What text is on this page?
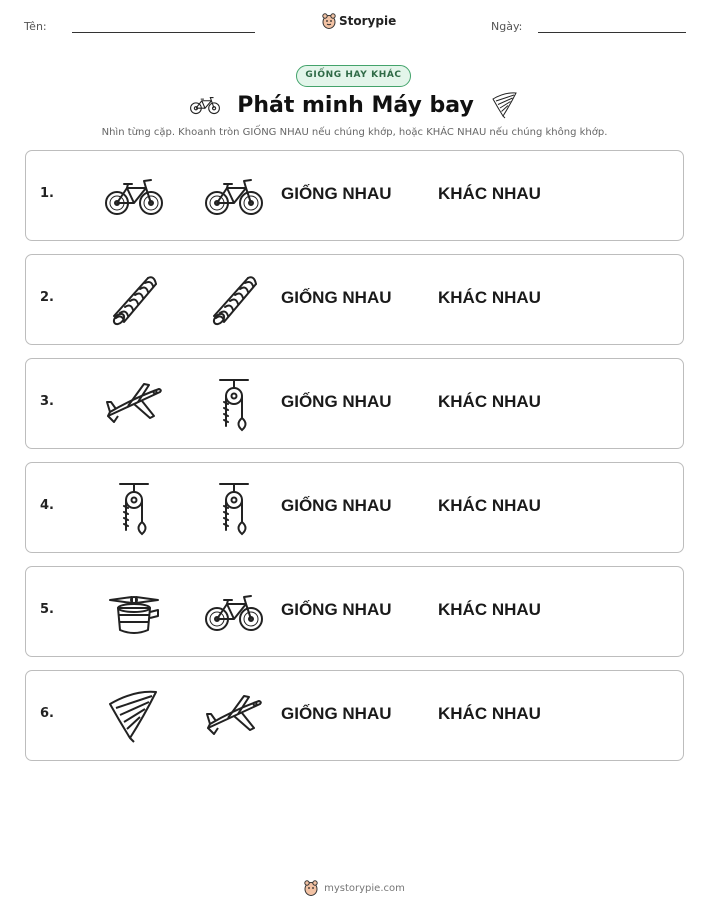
Tên:	Storypie	Ngày:
GIỐNG HAY KHÁC
Phát minh Máy bay
Nhìn từng cặp. Khoanh tròn GIỐNG NHAU nếu chúng khớp, hoặc KHÁC NHAU nếu chúng không khớp.
1.	GIỐNG NHAU	KHÁC NHAU
2.	GIỐNG NHAU	KHÁC NHAU
3.	GIỐNG NHAU	KHÁC NHAU
4.	GIỐNG NHAU	KHÁC NHAU
5.	GIỐNG NHAU	KHÁC NHAU
6.	GIỐNG NHAU	KHÁC NHAU
mystorypie.com
